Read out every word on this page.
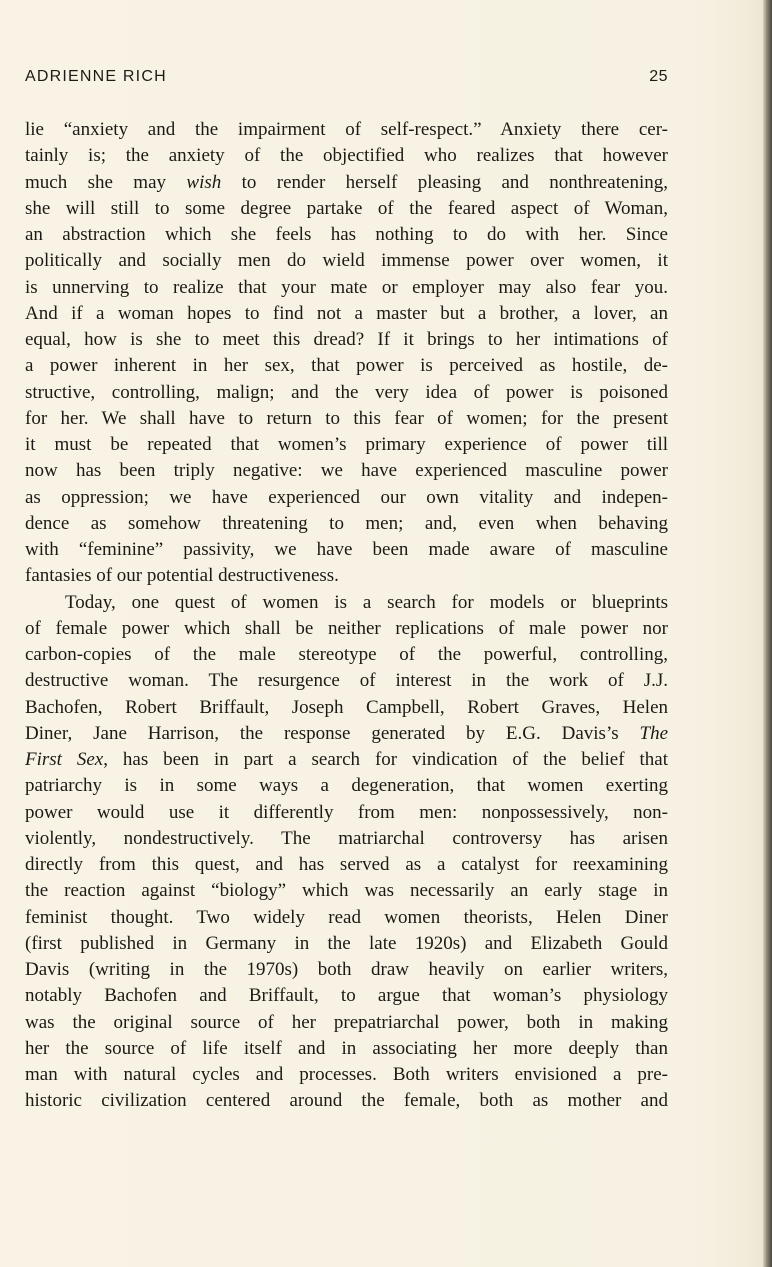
ADRIENNE RICH	25
lie “anxiety and the impairment of self-respect.” Anxiety there cer-
tainly is; the anxiety of the objectified who realizes that however
much she may wish to render herself pleasing and nonthreatening,
she will still to some degree partake of the feared aspect of Woman,
an abstraction which she feels has nothing to do with her. Since
politically and socially men do wield immense power over women, it
is unnerving to realize that your mate or employer may also fear you.
And if a woman hopes to find not a master but a brother, a lover, an
equal, how is she to meet this dread? If it brings to her intimations of
a power inherent in her sex, that power is perceived as hostile, de-
structive, controlling, malign; and the very idea of power is poisoned
for her. We shall have to return to this fear of women; for the present
it must be repeated that women’s primary experience of power till
now has been triply negative: we have experienced masculine power
as oppression; we have experienced our own vitality and indepen-
dence as somehow threatening to men; and, even when behaving
with “feminine” passivity, we have been made aware of masculine
fantasies of our potential destructiveness.
Today, one quest of women is a search for models or blueprints
of female power which shall be neither replications of male power nor
carbon-copies of the male stereotype of the powerful, controlling,
destructive woman. The resurgence of interest in the work of J.J.
Bachofen, Robert Briffault, Joseph Campbell, Robert Graves, Helen
Diner, Jane Harrison, the response generated by E.G. Davis’s The
First Sex, has been in part a search for vindication of the belief that
patriarchy is in some ways a degeneration, that women exerting
power would use it differently from men: nonpossessively, non-
violently, nondestructively. The matriarchal controversy has arisen
directly from this quest, and has served as a catalyst for reexamining
the reaction against “biology” which was necessarily an early stage in
feminist thought. Two widely read women theorists, Helen Diner
(first published in Germany in the late 1920s) and Elizabeth Gould
Davis (writing in the 1970s) both draw heavily on earlier writers,
notably Bachofen and Briffault, to argue that woman’s physiology
was the original source of her prepatriarchal power, both in making
her the source of life itself and in associating her more deeply than
man with natural cycles and processes. Both writers envisioned a pre-
historic civilization centered around the female, both as mother and
